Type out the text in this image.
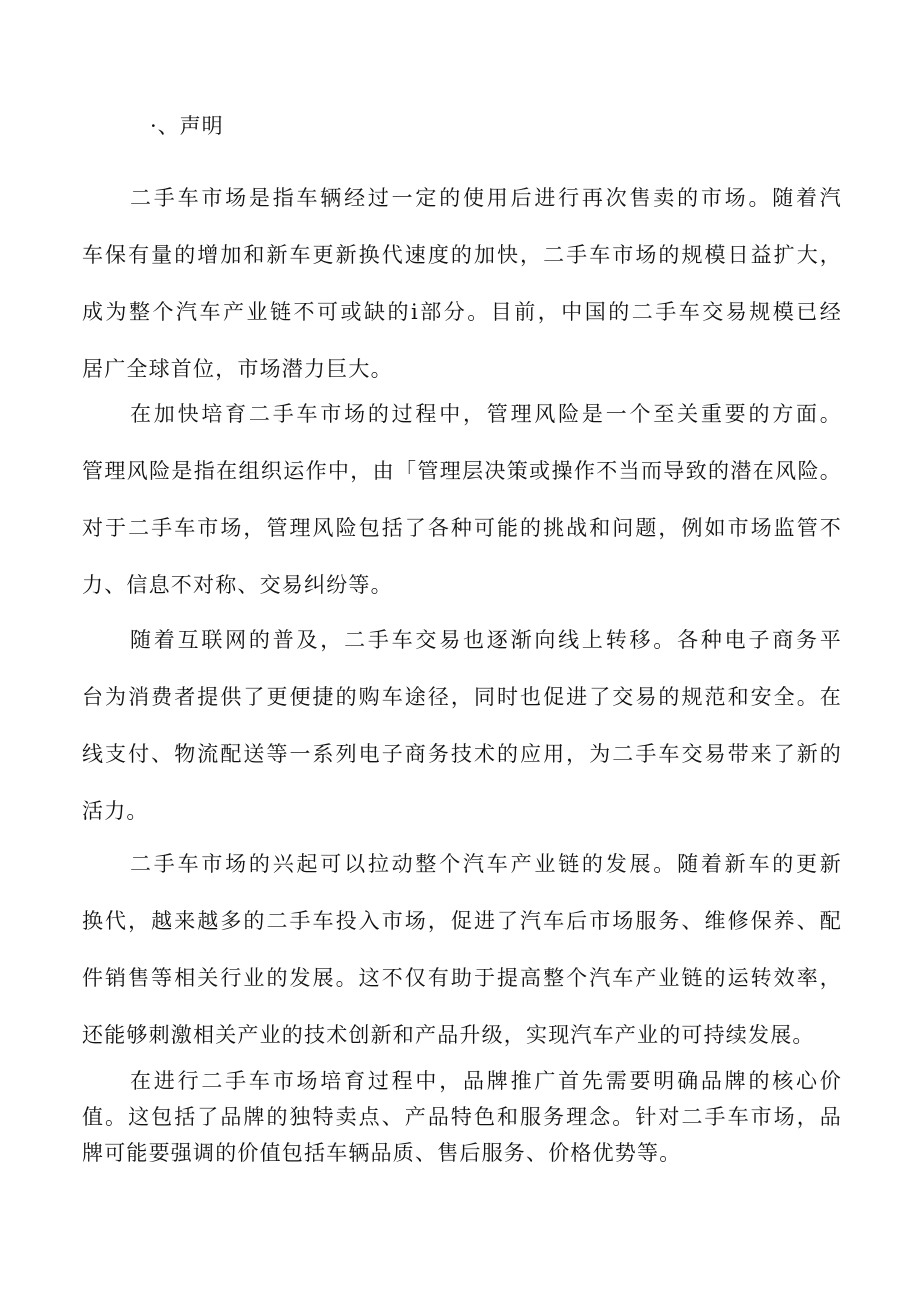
·、声明
二手车市场是指车辆经过一定的使用后进行再次售卖的市场。随着汽
车保有量的增加和新车更新换代速度的加快，二手车市场的规模日益扩大，
成为整个汽车产业链不可或缺的i部分。目前，中国的二手车交易规模已经
居广全球首位，市场潜力巨大。
在加快培育二手车市场的过程中，管理风险是一个至关重要的方面。
管理风险是指在组织运作中，由「管理层决策或操作不当而导致的潜在风险。
对于二手车市场，管理风险包括了各种可能的挑战和问题，例如市场监管不
力、信息不对称、交易纠纷等。
随着互联网的普及，二手车交易也逐渐向线上转移。各种电子商务平
台为消费者提供了更便捷的购车途径，同时也促进了交易的规范和安全。在
线支付、物流配送等一系列电子商务技术的应用，为二手车交易带来了新的
活力。
二手车市场的兴起可以拉动整个汽车产业链的发展。随着新车的更新
换代，越来越多的二手车投入市场，促进了汽车后市场服务、维修保养、配
件销售等相关行业的发展。这不仅有助于提高整个汽车产业链的运转效率，
还能够刺激相关产业的技术创新和产品升级，实现汽车产业的可持续发展。
在进行二手车市场培育过程中，品牌推广首先需要明确品牌的核心价
值。这包括了品牌的独特卖点、产品特色和服务理念。针对二手车市场，品
牌可能要强调的价值包括车辆品质、售后服务、价格优势等。
